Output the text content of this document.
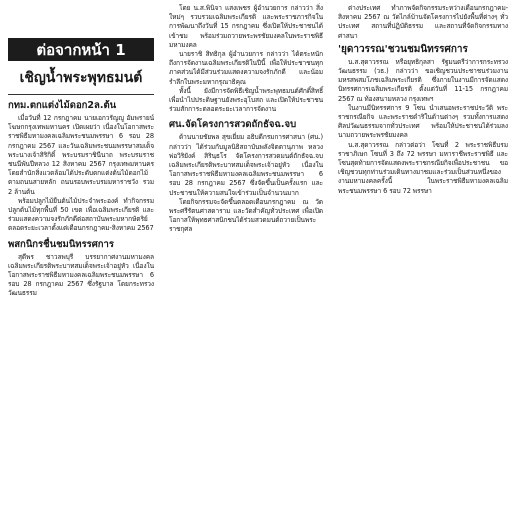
ต่อจากหน้า 1
เชิญน้ำพระพุทธมนต์
กทม.ตกแต่งไม้ดอก2ล.ต้น

เมื่อวันที่ 12 กรกฎาคม นายเอกวรัญญู อัมพรายน์ โฆษกกรุงเทพมหานคร เปิดเผยว่า เนื่องในโอกาสพระราชพิธีมหามงคลเฉลิมพระชนมพรรษา 6 รอบ 28 กรกฎาคม 2567 และวันเฉลิมพระชนมพรรษาสมเด็จพระนางเจ้าสิริกิติ์ พระบรมราชินีนาถ พระบรมราชชนนีพันปีหลวง 12 สิงหาคม 2567 กรุงเทพมหานคร โดยสำนักสิ่งแวดล้อมได้ประดับตกแต่งต้นไม้ดอกไม้ตามถนนสายหลัก ถนนรอบพระบรมมหาราชวัง รวม 2 ล้านต้น

พร้อมปลูกไม้ยืนต้นไม้ประจำพระองค์ ทำกิจกรรมปลูกต้นไม้ทุกพื้นที่ 50 เขต เพื่อเฉลิมพระเกียรติ และร่วมแสดงความจงรักภักดีต่อสถาบันพระมหากษัตริย์ ตลอดระยะเวลาตั้งแต่เดือนกรกฎาคม-สิงหาคม 2567

พสกนิกรชื่นชมนิทรรศการ

สุดีพร ชาวลพบุรี บรรยากาศงานมหามงคลเฉลิมพระเกียรติพระบาทสมเด็จพระเจ้าอยู่หัว เนื่องในโอกาสพระราชพิธีมหามงคลเฉลิมพระชนมพรรษา 6 รอบ 28 กรกฎาคม 2567 ซึ่งรัฐบาล โดยกระทรวงวัฒนธรรม

โดย น.ส.พินิจา แสงเพชร ผู้อำนวยการ กล่าวว่า สิ่งใหม่ๆ รวบรวมเฉลิมพระเกียรติ และพระราชภารกิจในการพัฒนาถึงวันที่ 15 กรกฎาคม ซึ่งเปิดให้ประชาชนได้เข้าชม พร้อมร่วมถวายพระพรชัยมงคลในพระราชพิธีมหามงคล

นายราชิ สิทธิกุล ผู้อำนวยการ กล่าวว่า ได้ตระหนักถึงการจัดงานเฉลิมพระเกียรติในปีนี้ เพื่อให้ประชาชนทุกภาคส่วนได้มีส่วนร่วมแสดงความจงรักภักดี และน้อมรำลึกในพระมหากรุณาธิคุณ

ทั้งนี้ ยังมีการจัดพิธีเชิญน้ำพระพุทธมนต์ศักดิ์สิทธิ์ เพื่อนำไปประดิษฐานยังพระอุโบสถ และเปิดให้ประชาชนร่วมสักการะตลอดระยะเวลาการจัดงาน

ศน.จัดโครงการสวดถักธัจฉ.จบ

ด้านนายชัยพล สุขเยี่ยม อธิบดีกรมการศาสนา (ศน.) กล่าวว่า ได้ร่วมกับมูลนิธิสถาบันพลังจิตตานุภาพ หลวงพ่อวิริยังค์ สิรินฺธโร จัดโครงการสวดมนต์ถักธัจฉ.จบ เฉลิมพระเกียรติพระบาทสมเด็จพระเจ้าอยู่หัว เนื่องในโอกาสพระราชพิธีมหามงคลเฉลิมพระชนมพรรษา 6 รอบ 28 กรกฎาคม 2567 ซึ่งจัดขึ้นเป็นครั้งแรก และประชาชนให้ความสนใจเข้าร่วมเป็นจำนวนมาก

โดยกิจกรรมจะจัดขึ้นตลอดเดือนกรกฎาคม ณ วัดพระศรีรัตนศาสดาราม และวัดสำคัญทั่วประเทศ เพื่อเปิดโอกาสให้พุทธศาสนิกชนได้ร่วมสวดมนต์ถวายเป็นพระราชกุศล

ต่างประเทศ ทำภาพจัดกิจกรรมระหว่างเดือนกรกฎาคม-สิงหาคม 2567 ณ วัดไกล์บ้านจัดโครงการไปยังพื้นที่ต่างๆ ทั่วประเทศ สถานที่ปฏิบัติธรรม และสถานที่จัดกิจกรรมทางศาสนา

'ยุดาวรรณ'ชวนชมนิทรรศการ

น.ส.สุดาวรรณ หรือยุทธิกุลสา รัฐมนตรีว่าการกระทรวงวัฒนธรรม (วธ.) กล่าวว่า ขอเชิญชวนประชาชนร่วมงานมหรสพสมโภชเฉลิมพระเกียรติ ซึ่งภายในงานมีการจัดแสดงนิทรรศการเฉลิมพระเกียรติ ตั้งแต่วันที่ 11-15 กรกฎาคม 2567 ณ ท้องสนามหลวง กรุงเทพฯ

ในงานมีนิทรรศการ 9 โซน นำเสนอพระราชประวัติ พระราชกรณียกิจ และพระราชดำริในด้านต่างๆ รวมทั้งการแสดงศิลปวัฒนธรรมจากทั่วประเทศ พร้อมให้ประชาชนได้ร่วมลงนามถวายพระพรชัยมงคล

น.ส.สุดาวรรณ กล่าวต่อว่า โซนที่ 2 พระราชพิธีบรมราชาภิเษก โซนที่ 3 ถึง 72 พรรษา มหาราชีพระราชพิธี และโซนสุดท้ายการจัดแสดงพระราชกรณียกิจเพื่อประชาชน ขอเชิญชวนทุกท่านร่วมเดินทางมาชมและร่วมเป็นส่วนหนึ่งของงานมหามงคลครั้งนี้ ในพระราชพิธีมหามงคลเฉลิมพระชนมพรรษา 6 รอบ 72 พรรษา
